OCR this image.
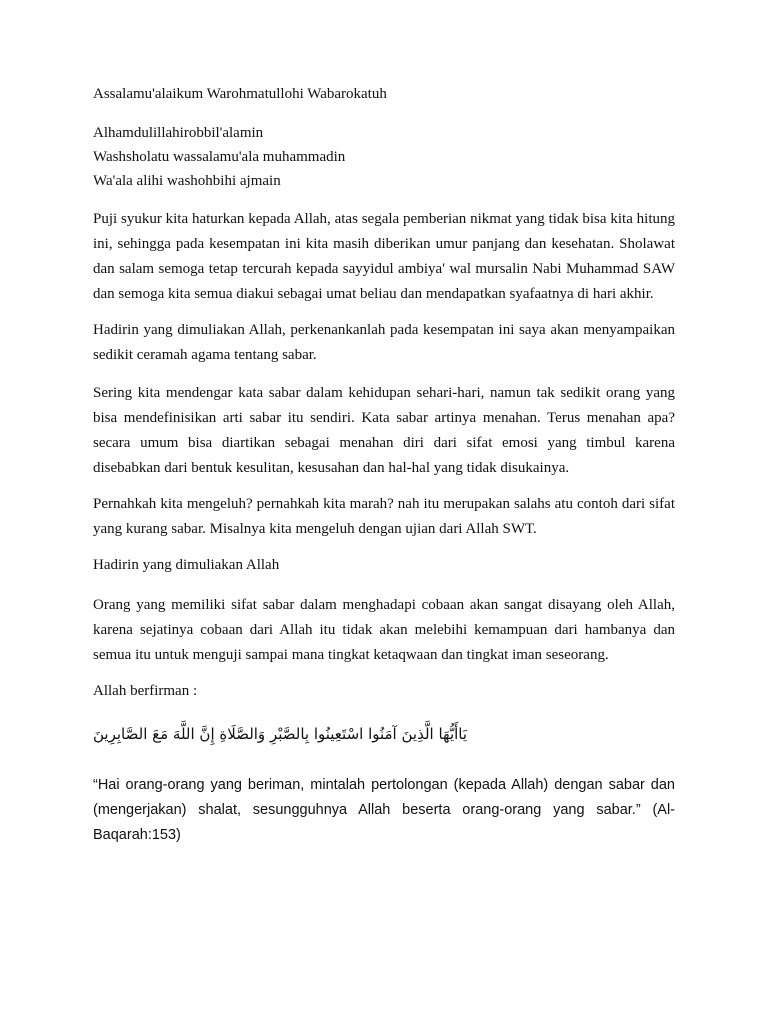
Assalamu'alaikum Warohmatullohi Wabarokatuh

Alhamdulillahirobbil'alamin

Washsholatu wassalamu'ala muhammadin

Wa'ala alihi washohbihi ajmain

Puji syukur kita haturkan kepada Allah, atas segala pemberian nikmat yang tidak bisa kita hitung ini, sehingga pada kesempatan ini kita masih diberikan umur panjang dan kesehatan. Sholawat dan salam semoga tetap tercurah kepada sayyidul ambiya' wal mursalin Nabi Muhammad SAW dan semoga kita semua diakui sebagai umat beliau dan mendapatkan syafaatnya di hari akhir.

Hadirin yang dimuliakan Allah, perkenankanlah pada kesempatan ini saya akan menyampaikan sedikit ceramah agama tentang sabar.

Sering kita mendengar kata sabar dalam kehidupan sehari-hari, namun tak sedikit orang yang bisa mendefinisikan arti sabar itu sendiri. Kata sabar artinya menahan. Terus menahan apa? secara umum bisa diartikan sebagai menahan diri dari sifat emosi yang timbul karena disebabkan dari bentuk kesulitan, kesusahan dan hal-hal yang tidak disukainya.

Pernahkah kita mengeluh? pernahkah kita marah? nah itu merupakan salahs atu contoh dari sifat yang kurang sabar. Misalnya kita mengeluh dengan ujian dari Allah SWT.

Hadirin yang dimuliakan Allah

Orang yang memiliki sifat sabar dalam menghadapi cobaan akan sangat disayang oleh Allah, karena sejatinya cobaan dari Allah itu tidak akan melebihi kemampuan dari hambanya dan semua itu untuk menguji sampai mana tingkat ketaqwaan dan tingkat iman seseorang.

Allah berfirman :

يَاأَيُّهَا الَّذِينَ آمَنُوا اسْتَعِينُوا بِالصَّبْرِ وَالصَّلَاةِ إِنَّ اللَّهَ مَعَ الصَّابِرِينَ

“Hai orang-orang yang beriman, mintalah pertolongan (kepada Allah) dengan sabar dan (mengerjakan) shalat, sesungguhnya Allah beserta orang-orang yang sabar.” (Al-

Baqarah:153)
